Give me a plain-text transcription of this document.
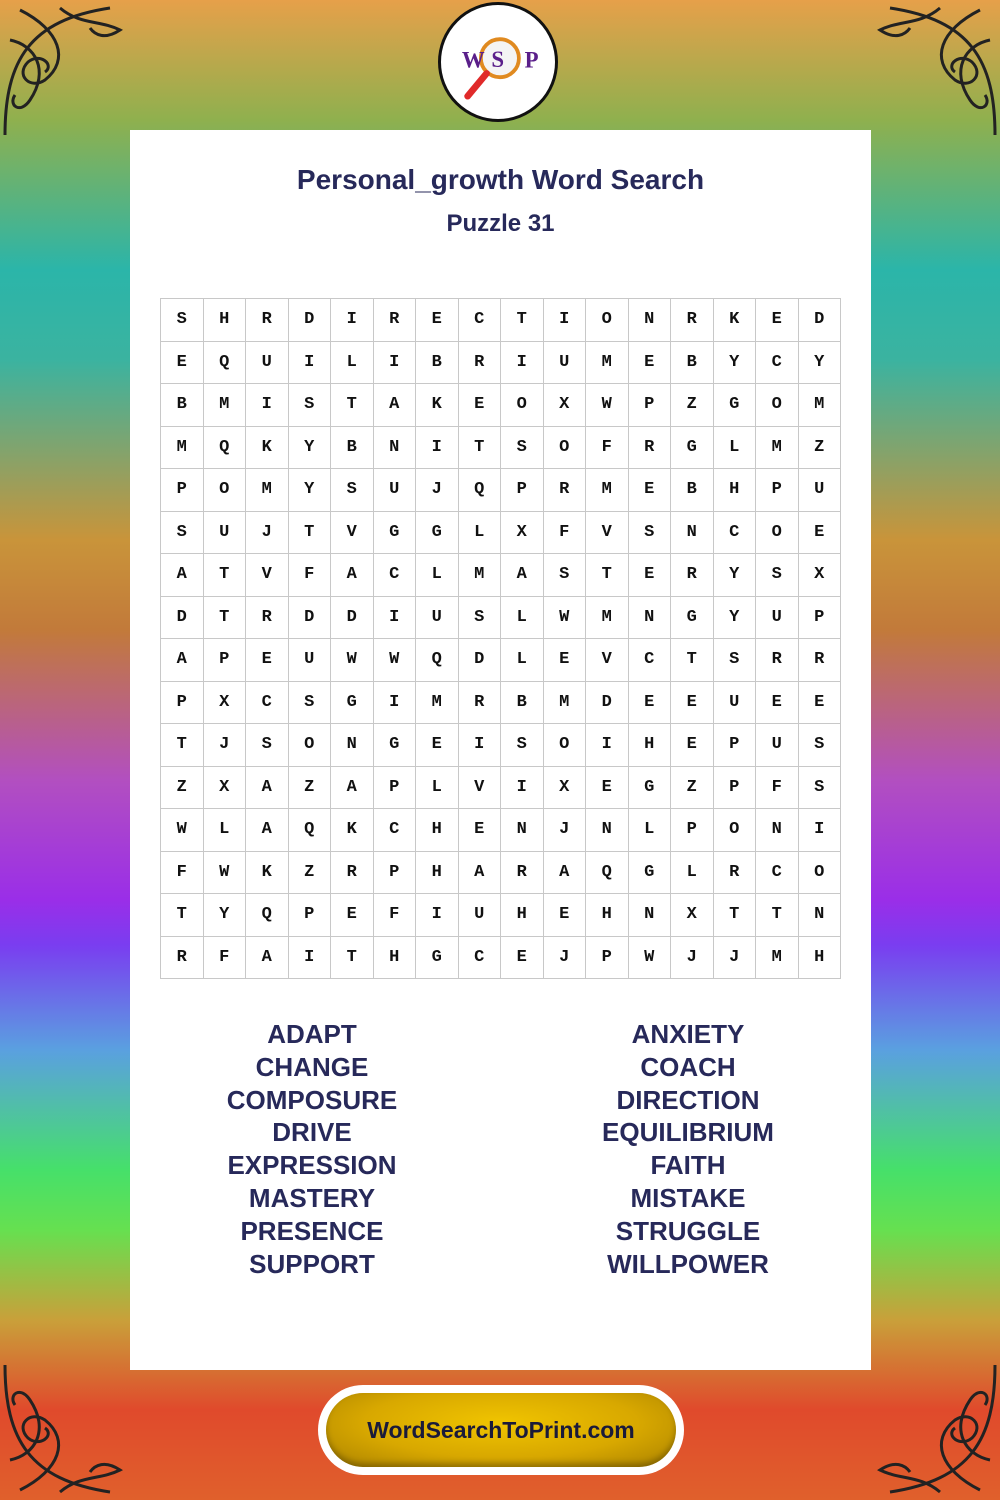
W S P
Personal_growth Word Search
Puzzle 31
S	H	R	D	I	R	E	C	T	I	O	N	R	K	E	D
E	Q	U	I	L	I	B	R	I	U	M	E	B	Y	C	Y
B	M	I	S	T	A	K	E	O	X	W	P	Z	G	O	M
M	Q	K	Y	B	N	I	T	S	O	F	R	G	L	M	Z
P	O	M	Y	S	U	J	Q	P	R	M	E	B	H	P	U
S	U	J	T	V	G	G	L	X	F	V	S	N	C	O	E
A	T	V	F	A	C	L	M	A	S	T	E	R	Y	S	X
D	T	R	D	D	I	U	S	L	W	M	N	G	Y	U	P
A	P	E	U	W	W	Q	D	L	E	V	C	T	S	R	R
P	X	C	S	G	I	M	R	B	M	D	E	E	U	E	E
T	J	S	O	N	G	E	I	S	O	I	H	E	P	U	S
Z	X	A	Z	A	P	L	V	I	X	E	G	Z	P	F	S
W	L	A	Q	K	C	H	E	N	J	N	L	P	O	N	I
F	W	K	Z	R	P	H	A	R	A	Q	G	L	R	C	O
T	Y	Q	P	E	F	I	U	H	E	H	N	X	T	T	N
R	F	A	I	T	H	G	C	E	J	P	W	J	J	M	H
ADAPT
CHANGE
COMPOSURE
DRIVE
EXPRESSION
MASTERY
PRESENCE
SUPPORT
ANXIETY
COACH
DIRECTION
EQUILIBRIUM
FAITH
MISTAKE
STRUGGLE
WILLPOWER
WordSearchToPrint.com
